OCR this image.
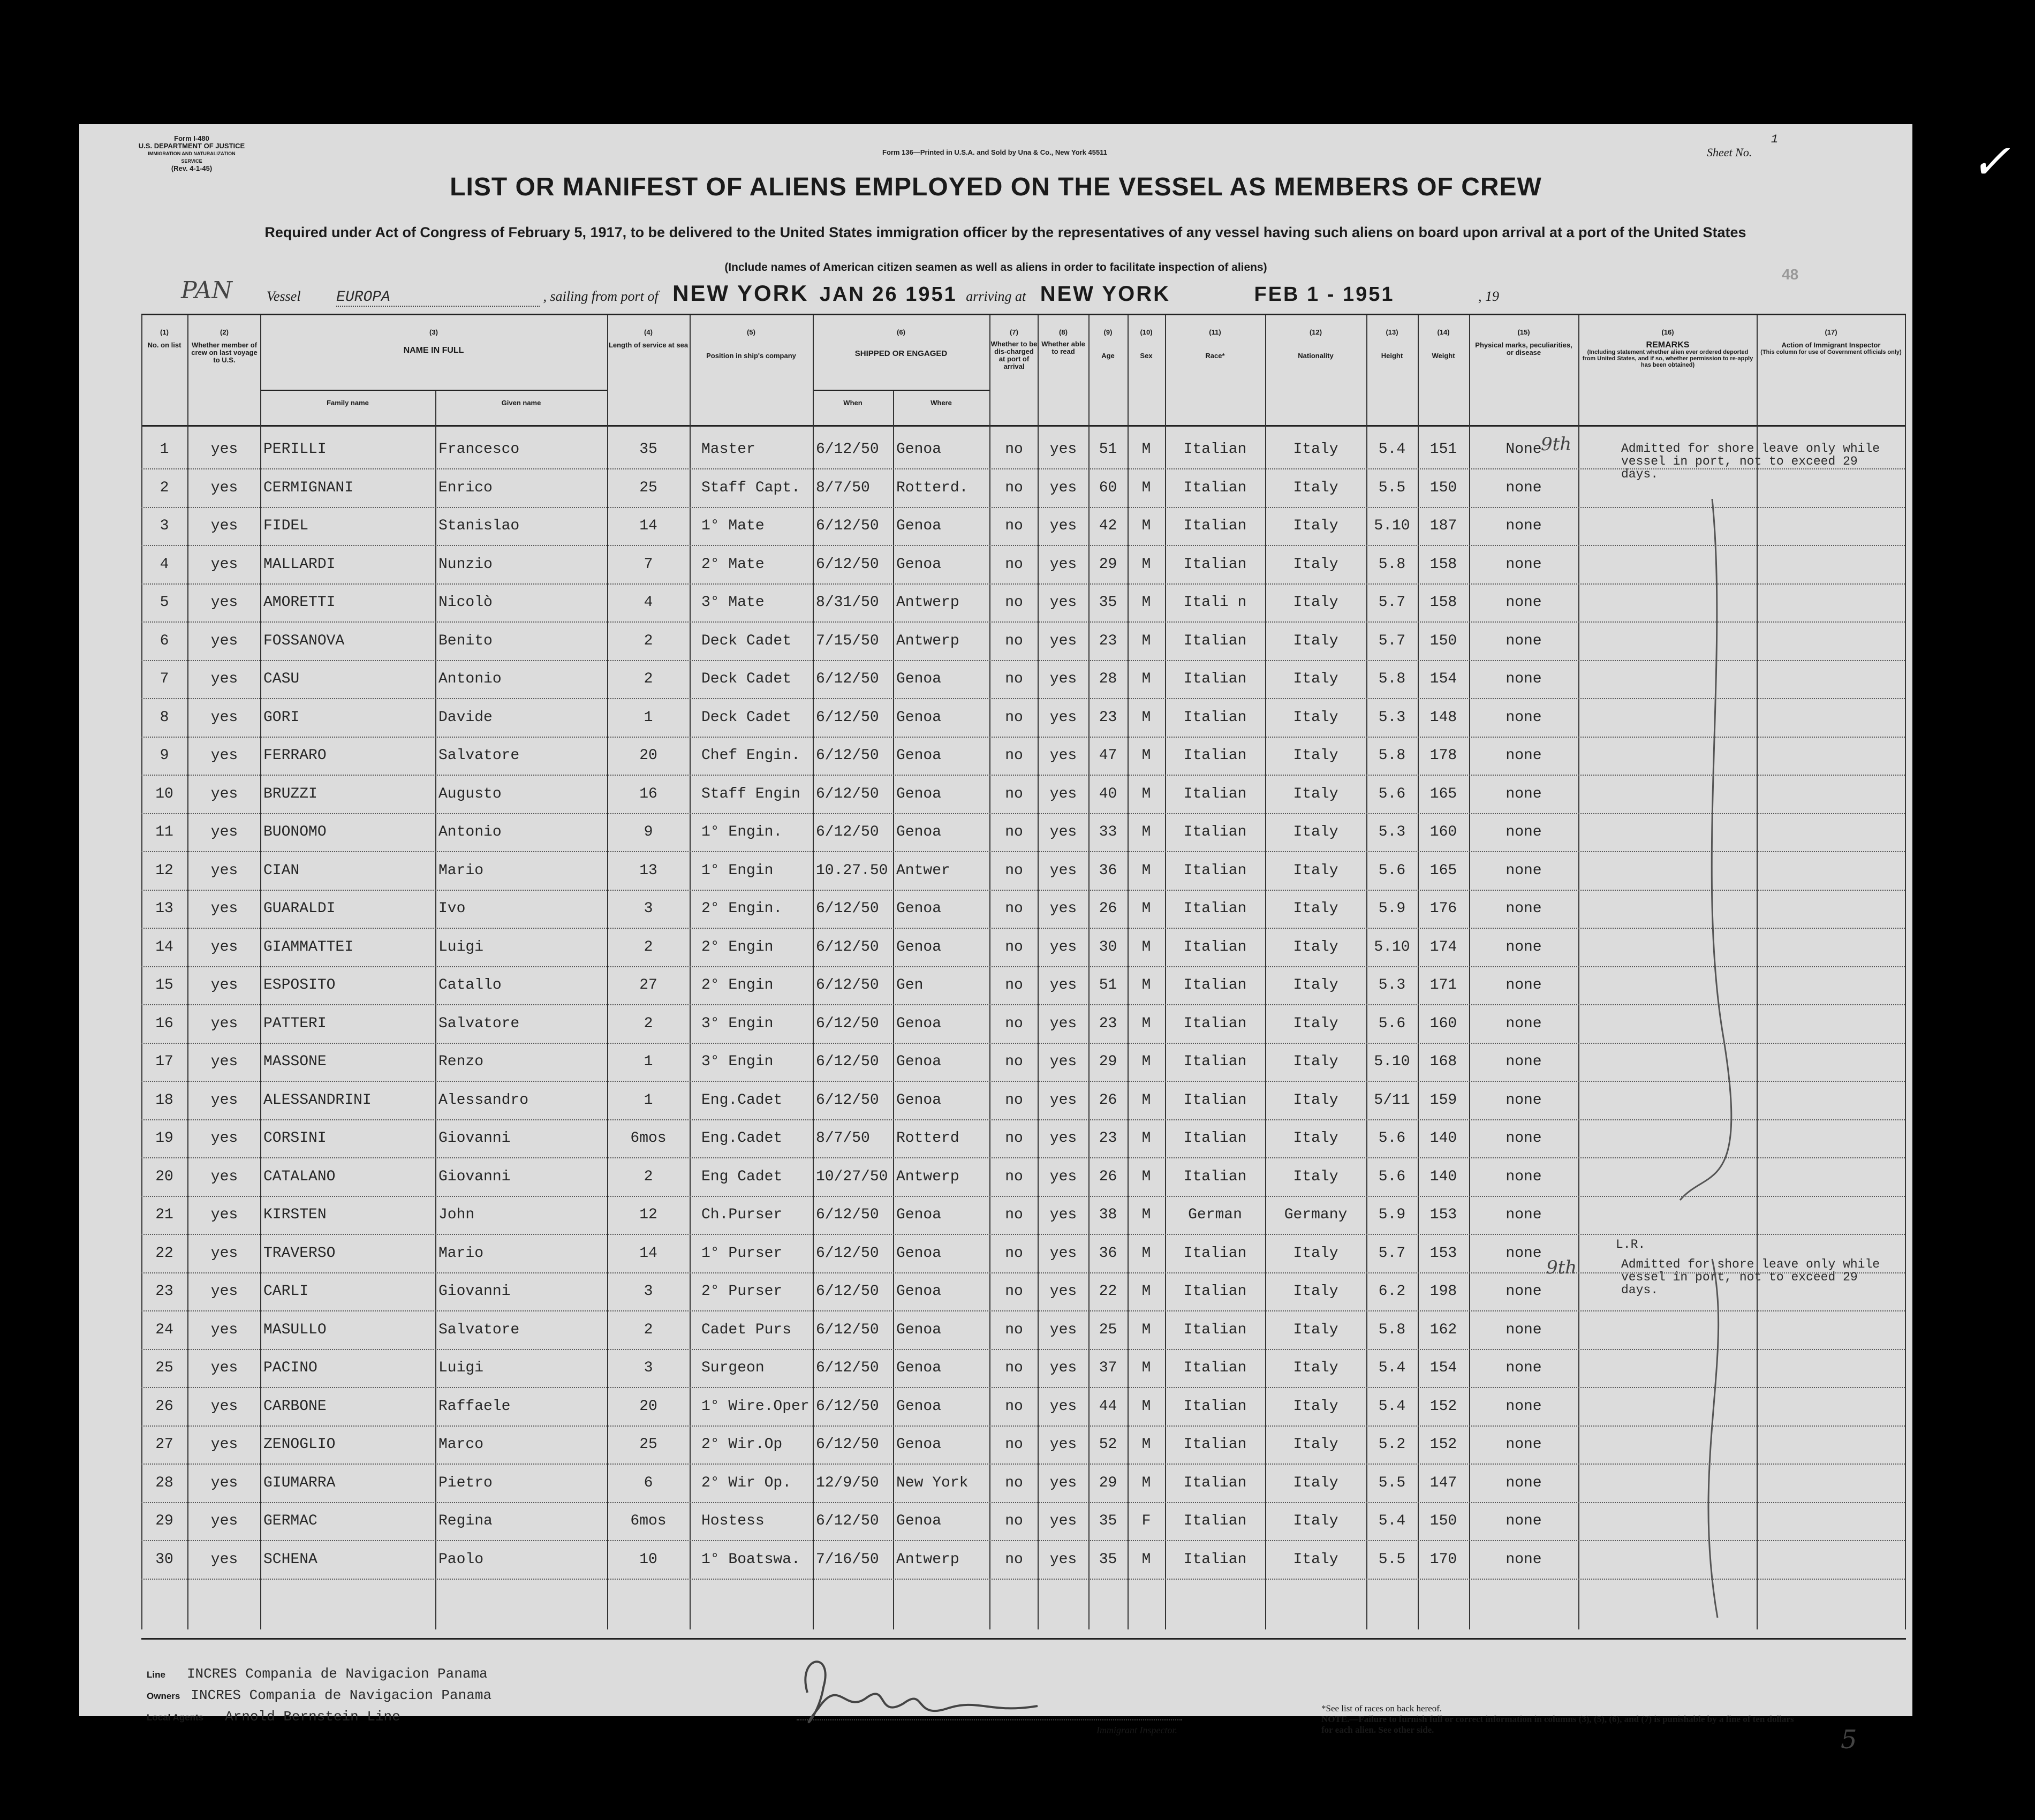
✓
Form I-480
U.S. DEPARTMENT OF JUSTICE
IMMIGRATION AND NATURALIZATION SERVICE
(Rev. 4-1-45)
Form 136—Printed in U.S.A. and Sold by Una & Co., New York 45511	Sheet No. 1
LIST OR MANIFEST OF ALIENS EMPLOYED ON THE VESSEL AS MEMBERS OF CREW
Required under Act of Congress of February 5, 1917, to be delivered to the United States immigration officer by the representatives of any vessel having such aliens on board upon arrival at a port of the United States
(Include names of American citizen seamen as well as aliens in order to facilitate inspection of aliens)
PAN Vessel EUROPA	, sailing from port of NEW YORK JAN 26 1951 arriving at NEW YORK	FEB 1 - 1951	, 19
48
(1)
No. on list
(2)
Whether member of crew on last voyage to U.S.
(3)
NAME IN FULL
Family name	Given name
(4)
Length of service at sea
(5)
Position in ship's company
(6)
SHIPPED OR ENGAGED
When	Where
(7)
Whether to be dis-charged at port of arrival
(8)
Whether able to read
(9)
Age
(10)
Sex
(11)
Race*
(12)
Nationality
(13)
Height
(14)
Weight
(15)
Physical marks, peculiarities, or disease
(16)
REMARKS
(Including statement whether alien ever ordered deported from United States, and if so, whether permission to re-apply has been obtained)
(17)
Action of Immigrant Inspector
(This column for use of Government officials only)
1	yes	PERILLI	Francesco	35	Master	6/12/50	Genoa	no	yes	51	M	Italian	Italy	5.4	151	None
2	yes	CERMIGNANI	Enrico	25	Staff Capt.	8/7/50	Rotterd.	no	yes	60	M	Italian	Italy	5.5	150	none
3	yes	FIDEL	Stanislao	14	1° Mate	6/12/50	Genoa	no	yes	42	M	Italian	Italy	5.10	187	none
4	yes	MALLARDI	Nunzio	7	2° Mate	6/12/50	Genoa	no	yes	29	M	Italian	Italy	5.8	158	none
5	yes	AMORETTI	Nicolò	4	3° Mate	8/31/50	Antwerp	no	yes	35	M	Itali n	Italy	5.7	158	none
6	yes	FOSSANOVA	Benito	2	Deck Cadet	7/15/50	Antwerp	no	yes	23	M	Italian	Italy	5.7	150	none
7	yes	CASU	Antonio	2	Deck Cadet	6/12/50	Genoa	no	yes	28	M	Italian	Italy	5.8	154	none
8	yes	GORI	Davide	1	Deck Cadet	6/12/50	Genoa	no	yes	23	M	Italian	Italy	5.3	148	none
9	yes	FERRARO	Salvatore	20	Chef Engin.	6/12/50	Genoa	no	yes	47	M	Italian	Italy	5.8	178	none
10	yes	BRUZZI	Augusto	16	Staff Engin	6/12/50	Genoa	no	yes	40	M	Italian	Italy	5.6	165	none
11	yes	BUONOMO	Antonio	9	1° Engin.	6/12/50	Genoa	no	yes	33	M	Italian	Italy	5.3	160	none
12	yes	CIAN	Mario	13	1° Engin	10.27.50 Antwer	no	yes	36	M	Italian	Italy	5.6	165	none
13	yes	GUARALDI	Ivo	3	2° Engin.	6/12/50	Genoa	no	yes	26	M	Italian	Italy	5.9	176	none
14	yes	GIAMMATTEI	Luigi	2	2° Engin	6/12/50	Genoa	no	yes	30	M	Italian	Italy	5.10	174	none
15	yes	ESPOSITO	Catallo	27	2° Engin	6/12/50	Gen	no	yes	51	M	Italian	Italy	5.3	171	none
16	yes	PATTERI	Salvatore	2	3° Engin	6/12/50	Genoa	no	yes	23	M	Italian	Italy	5.6	160	none
17	yes	MASSONE	Renzo	1	3° Engin	6/12/50	Genoa	no	yes	29	M	Italian	Italy	5.10	168	none
18	yes	ALESSANDRINI	Alessandro	1	Eng.Cadet	6/12/50	Genoa	no	yes	26	M	Italian	Italy	5/11	159	none
19	yes	CORSINI	Giovanni	6mos	Eng.Cadet	8/7/50	Rotterd	no	yes	23	M	Italian	Italy	5.6	140	none
20	yes	CATALANO	Giovanni	2	Eng Cadet	10/27/50 Antwerp	no	yes	26	M	Italian	Italy	5.6	140	none
21	yes	KIRSTEN	John	12	Ch.Purser	6/12/50	Genoa	no	yes	38	M	German	Germany	5.9	153	none
22	yes	TRAVERSO	Mario	14	1° Purser	6/12/50	Genoa	no	yes	36	M	Italian	Italy	5.7	153	none
23	yes	CARLI	Giovanni	3	2° Purser	6/12/50	Genoa	no	yes	22	M	Italian	Italy	6.2	198	none
24	yes	MASULLO	Salvatore	2	Cadet Purs	6/12/50	Genoa	no	yes	25	M	Italian	Italy	5.8	162	none
25	yes	PACINO	Luigi	3	Surgeon	6/12/50	Genoa	no	yes	37	M	Italian	Italy	5.4	154	none
26	yes	CARBONE	Raffaele	20	1° Wire.Oper 6/12/50	Genoa	no	yes	44	M	Italian	Italy	5.4	152	none
27	yes	ZENOGLIO	Marco	25	2° Wir.Op	6/12/50	Genoa	no	yes	52	M	Italian	Italy	5.2	152	none
28	yes	GIUMARRA	Pietro	6	2° Wir Op.	12/9/50	New York	no	yes	29	M	Italian	Italy	5.5	147	none
29	yes	GERMAC	Regina	6mos	Hostess	6/12/50	Genoa	no	yes	35	F	Italian	Italy	5.4	150	none
30	yes	SCHENA	Paolo	10	1° Boatswa.	7/16/50	Antwerp	no	yes	35	M	Italian	Italy	5.5	170	none
9th	Admitted for shore leave only while vessel in port, not to exceed 29 days.
9th
L.R.
Admitted for shore leave only while vessel in port, not to exceed 29 days.
Line INCRES Compania de Navigacion Panama
Owners INCRES Compania de Navigacion Panama
Local Agents Arnold Bernstein Line
Immigrant Inspector.
*See list of races on back hereof.
NOTE.—Failure to furnish full or correct information in columns (3), (5), (6), and (7) is punishable by a fine of ten dollars for each alien. See other side.	5
